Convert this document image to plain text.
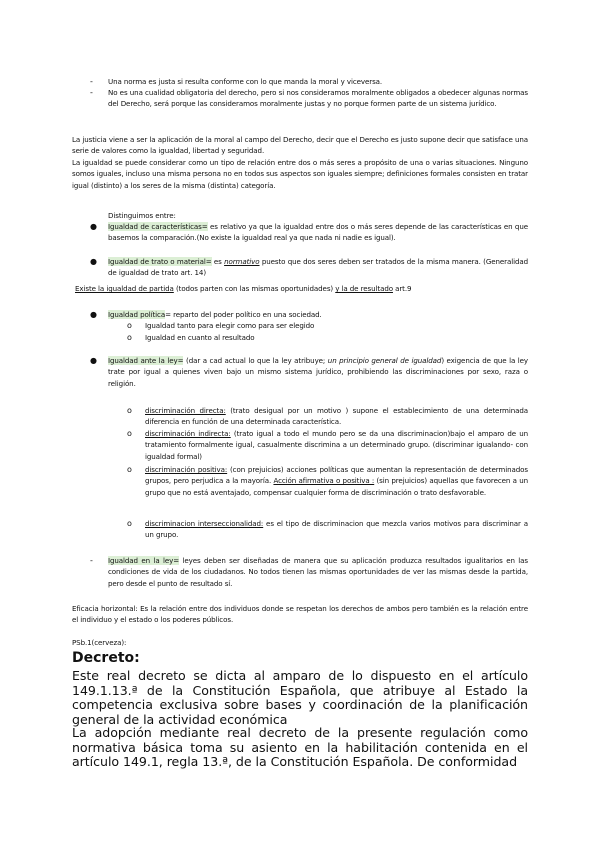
- Una norma es justa si resulta conforme con lo que manda la moral y viceversa.
- No es una cualidad obligatoria del derecho, pero si nos consideramos moralmente obligados a obedecer algunas normas del Derecho, será porque las consideramos moralmente justas y no porque formen parte de un sistema jurídico.
La justicia viene a ser la aplicación de la moral al campo del Derecho, decir que el Derecho es justo supone decir que satisface una serie de valores como la igualdad, libertad y seguridad.
La igualdad se puede considerar como un tipo de relación entre dos o más seres a propósito de una o varias situaciones. Ninguno somos iguales, incluso una misma persona no en todos sus aspectos son iguales siempre; definiciones formales consisten en tratar igual (distinto) a los seres de la misma (distinta) categoría.
Distinguimos entre:
● Igualdad de características= es relativo ya que la igualdad entre dos o más seres depende de las características en que basemos la comparación.(No existe la igualdad real ya que nada ni nadie es igual).
● Igualdad de trato o material= es normativo puesto que dos seres deben ser tratados de la misma manera. (Generalidad de igualdad de trato art. 14)
Existe la igualdad de partida (todos parten con las mismas oportunidades) y la de resultado art.9
● Igualdad política= reparto del poder político en una sociedad.
o Igualdad tanto para elegir como para ser elegido
o Igualdad en cuanto al resultado
● Igualdad ante la ley= (dar a cad actual lo que la ley atribuye; un principio general de igualdad) exigencia de que la ley trate por igual a quienes viven bajo un mismo sistema jurídico, prohibiendo las discriminaciones por sexo, raza o religión.
o discriminación directa: (trato desigual por un motivo ) supone el establecimiento de una determinada diferencia en función de una determinada característica.
o discriminación indirecta: (trato igual a todo el mundo pero se da una discriminacion)bajo el amparo de un tratamiento formalmente igual, casualmente discrimina a un determinado grupo. (discriminar igualando- con igualdad formal)
o discriminación positiva: (con prejuicios) acciones políticas que aumentan la representación de determinados grupos, pero perjudica a la mayoría. Acción afirmativa o positiva : (sin prejuicios) aquellas que favorecen a un grupo que no está aventajado, compensar cualquier forma de discriminación o trato desfavorable.
o discriminacion interseccionalidad: es el tipo de discriminacion que mezcla varios motivos para discriminar a un grupo.
- Igualdad en la ley= leyes deben ser diseñadas de manera que su aplicación produzca resultados igualitarios en las condiciones de vida de los ciudadanos. No todos tienen las mismas oportunidades de ver las mismas desde la partida, pero desde el punto de resultado sí.
Eficacia horizontal: Es la relación entre dos individuos donde se respetan los derechos de ambos pero también es la relación entre el individuo y el estado o los poderes públicos.
PSb.1(cerveza):
Decreto:
Este real decreto se dicta al amparo de lo dispuesto en el artículo 149.1.13.ª de la Constitución Española, que atribuye al Estado la competencia exclusiva sobre bases y coordinación de la planificación general de la actividad económica
La adopción mediante real decreto de la presente regulación como normativa básica toma su asiento en la habilitación contenida en el artículo 149.1, regla 13.ª, de la Constitución Española. De conformidad
